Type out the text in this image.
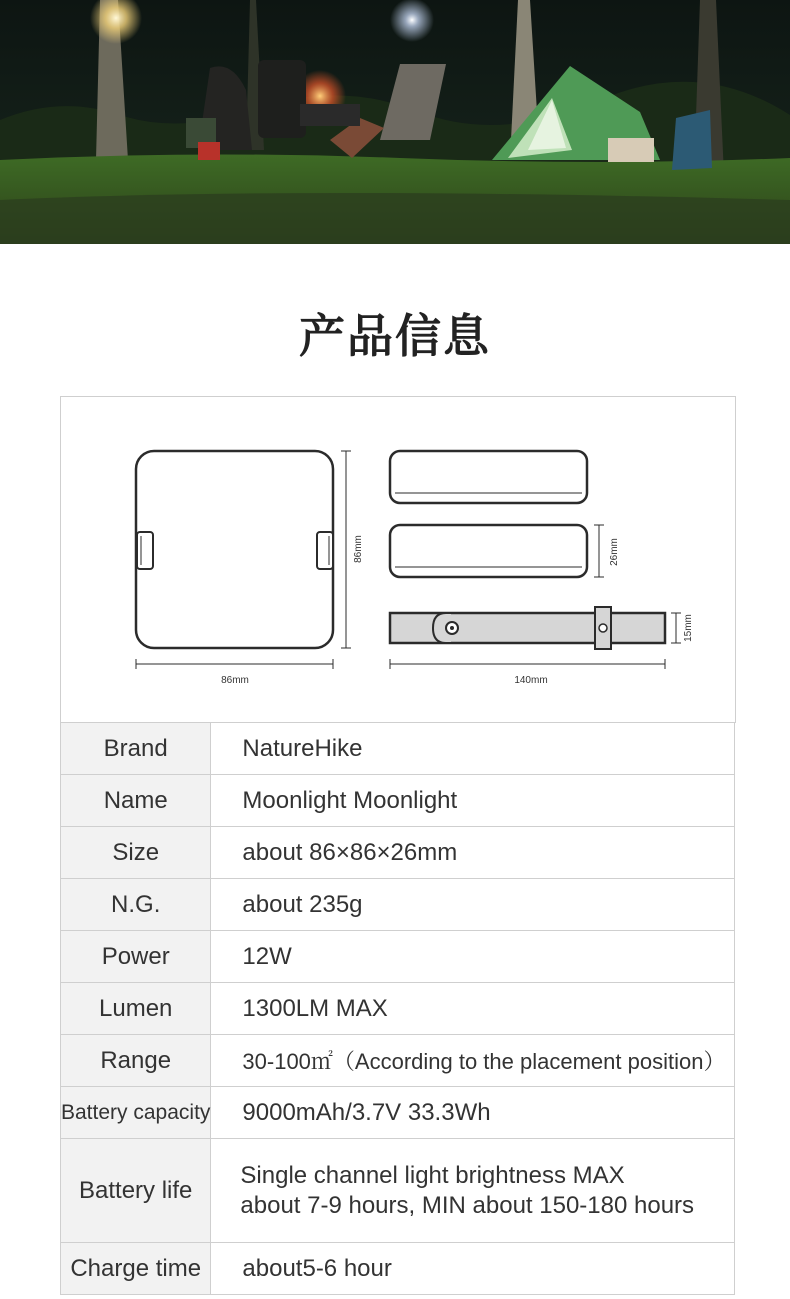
产品信息
86mm
86mm
26mm
15mm
140mm
Brand	NatureHike
Name	Moonlight Moonlight
Size	about 86×86×26mm
N.G.	about 235g
Power	12W
Lumen	1300LM MAX
Range	30-100㎡（According to the placement position）
Battery capacity	9000mAh/3.7V 33.3Wh
Battery life	Single channel light brightness MAX
about 7-9 hours, MIN about 150-180 hours

Charge time	about5-6 hour
